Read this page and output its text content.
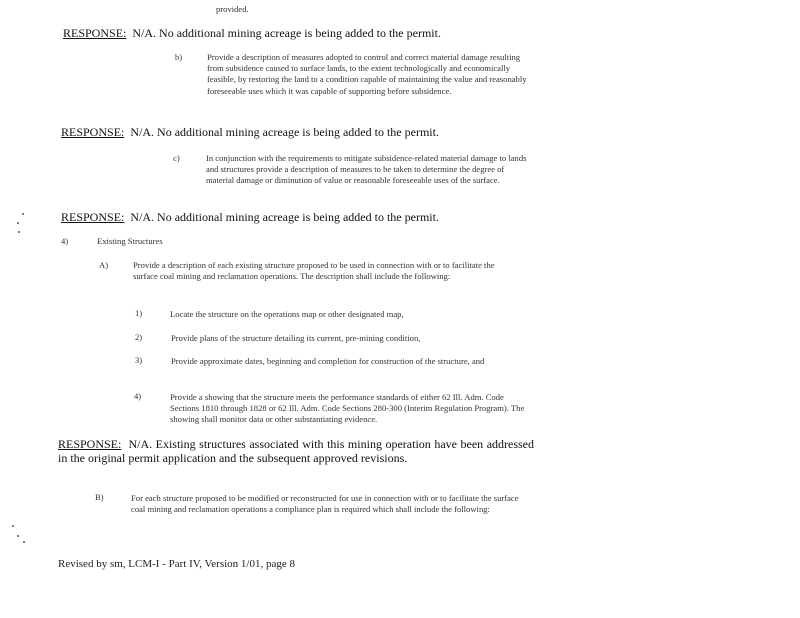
provided.
RESPONSE: N/A. No additional mining acreage is being added to the permit.
b)	Provide a description of measures adopted to control and correct material damage resulting from subsidence caused to surface lands, to the extent technologically and economically feasible, by restoring the land to a condition capable of maintaining the value and reasonably foreseeable uses which it was capable of supporting before subsidence.
RESPONSE: N/A. No additional mining acreage is being added to the permit.
c)	In conjunction with the requirements to mitigate subsidence-related material damage to lands and structures provide a description of measures to be taken to determine the degree of material damage or diminution of value or reasonable foreseeable uses of the surface.
RESPONSE: N/A. No additional mining acreage is being added to the permit.
4)	Existing Structures
A)	Provide a description of each existing structure proposed to be used in connection with or to facilitate the surface coal mining and reclamation operations. The description shall include the following:
1)	Locate the structure on the operations map or other designated map,
2)	Provide plans of the structure detailing its current, pre-mining condition,
3)	Provide approximate dates, beginning and completion for construction of the structure, and
4)	Provide a showing that the structure meets the performance standards of either 62 Ill. Adm. Code Sections 1810 through 1828 or 62 Ill. Adm. Code Sections 280-300 (Interim Regulation Program). The showing shall monitor data or other substantiating evidence.
RESPONSE: N/A. Existing structures associated with this mining operation have been addressed in the original permit application and the subsequent approved revisions.
B)	For each structure proposed to be modified or reconstructed for use in connection with or to facilitate the surface coal mining and reclamation operations a compliance plan is required which shall include the following:
Revised by sm, LCM-I - Part IV, Version 1/01, page 8
